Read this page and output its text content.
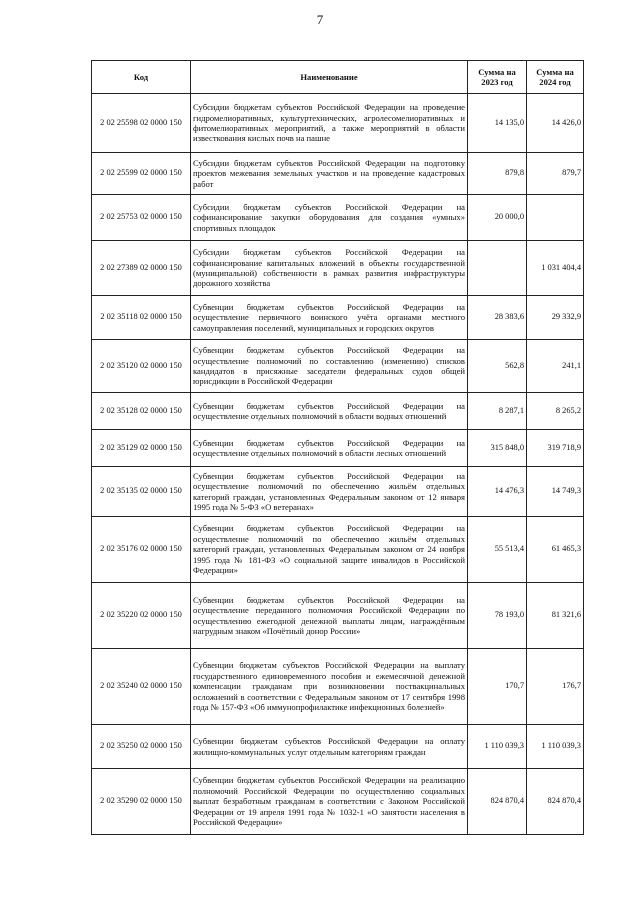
7
Код	Наименование	Сумма на 2023 год	Сумма на 2024 год
2 02 25598 02 0000 150	Субсидии бюджетам субъектов Российской Федерации на проведение гидромелиоративных, культуртехнических, агролесомелиоративных и фитомелиоративных мероприятий, а также мероприятий в области известкования кислых почв на пашне	14 135,0	14 426,0
2 02 25599 02 0000 150	Субсидии бюджетам субъектов Российской Федерации на подготовку проектов межевания земельных участков и на проведение кадастровых работ	879,8	879,7
2 02 25753 02 0000 150	Субсидии бюджетам субъектов Российской Федерации на софинансирование закупки оборудования для создания «умных» спортивных площадок	20 000,0	
2 02 27389 02 0000 150	Субсидии бюджетам субъектов Российской Федерации на софинансирование капитальных вложений в объекты государственной (муниципальной) собственности в рамках развития инфраструктуры дорожного хозяйства		1 031 404,4
2 02 35118 02 0000 150	Субвенции бюджетам субъектов Российской Федерации на осуществление первичного воинского учёта органами местного самоуправления поселений, муниципальных и городских округов	28 383,6	29 332,9
2 02 35120 02 0000 150	Субвенции бюджетам субъектов Российской Федерации на осуществление полномочий по составлению (изменению) списков кандидатов в присяжные заседатели федеральных судов общей юрисдикции в Российской Федерации	562,8	241,1
2 02 35128 02 0000 150	Субвенции бюджетам субъектов Российской Федерации на осуществление отдельных полномочий в области водных отношений	8 287,1	8 265,2
2 02 35129 02 0000 150	Субвенции бюджетам субъектов Российской Федерации на осуществление отдельных полномочий в области лесных отношений	315 848,0	319 718,9
2 02 35135 02 0000 150	Субвенции бюджетам субъектов Российской Федерации на осуществление полномочий по обеспечению жильём отдельных категорий граждан, установленных Федеральным законом от 12 января 1995 года № 5-ФЗ «О ветеранах»	14 476,3	14 749,3
2 02 35176 02 0000 150	Субвенции бюджетам субъектов Российской Федерации на осуществление полномочий по обеспечению жильём отдельных категорий граждан, установленных Федеральным законом от 24 ноября 1995 года № 181-ФЗ «О социальной защите инвалидов в Российской Федерации»	55 513,4	61 465,3
2 02 35220 02 0000 150	Субвенции бюджетам субъектов Российской Федерации на осуществление переданного полномочия Российской Федерации по осуществлению ежегодной денежной выплаты лицам, награждённым нагрудным знаком «Почётный донор России»	78 193,0	81 321,6
2 02 35240 02 0000 150	Субвенции бюджетам субъектов Российской Федерации на выплату государственного единовременного пособия и ежемесячной денежной компенсации гражданам при возникновении поствакцинальных осложнений в соответствии с Федеральным законом от 17 сентября 1998 года № 157-ФЗ «Об иммунопрофилактике инфекционных болезней»	170,7	176,7
2 02 35250 02 0000 150	Субвенции бюджетам субъектов Российской Федерации на оплату жилищно-коммунальных услуг отдельным категориям граждан	1 110 039,3	1 110 039,3
2 02 35290 02 0000 150	Субвенции бюджетам субъектов Российской Федерации на реализацию полномочий Российской Федерации по осуществлению социальных выплат безработным гражданам в соответствии с Законом Российской Федерации от 19 апреля 1991 года № 1032-1 «О занятости населения в Российской Федерации»	824 870,4	824 870,4
